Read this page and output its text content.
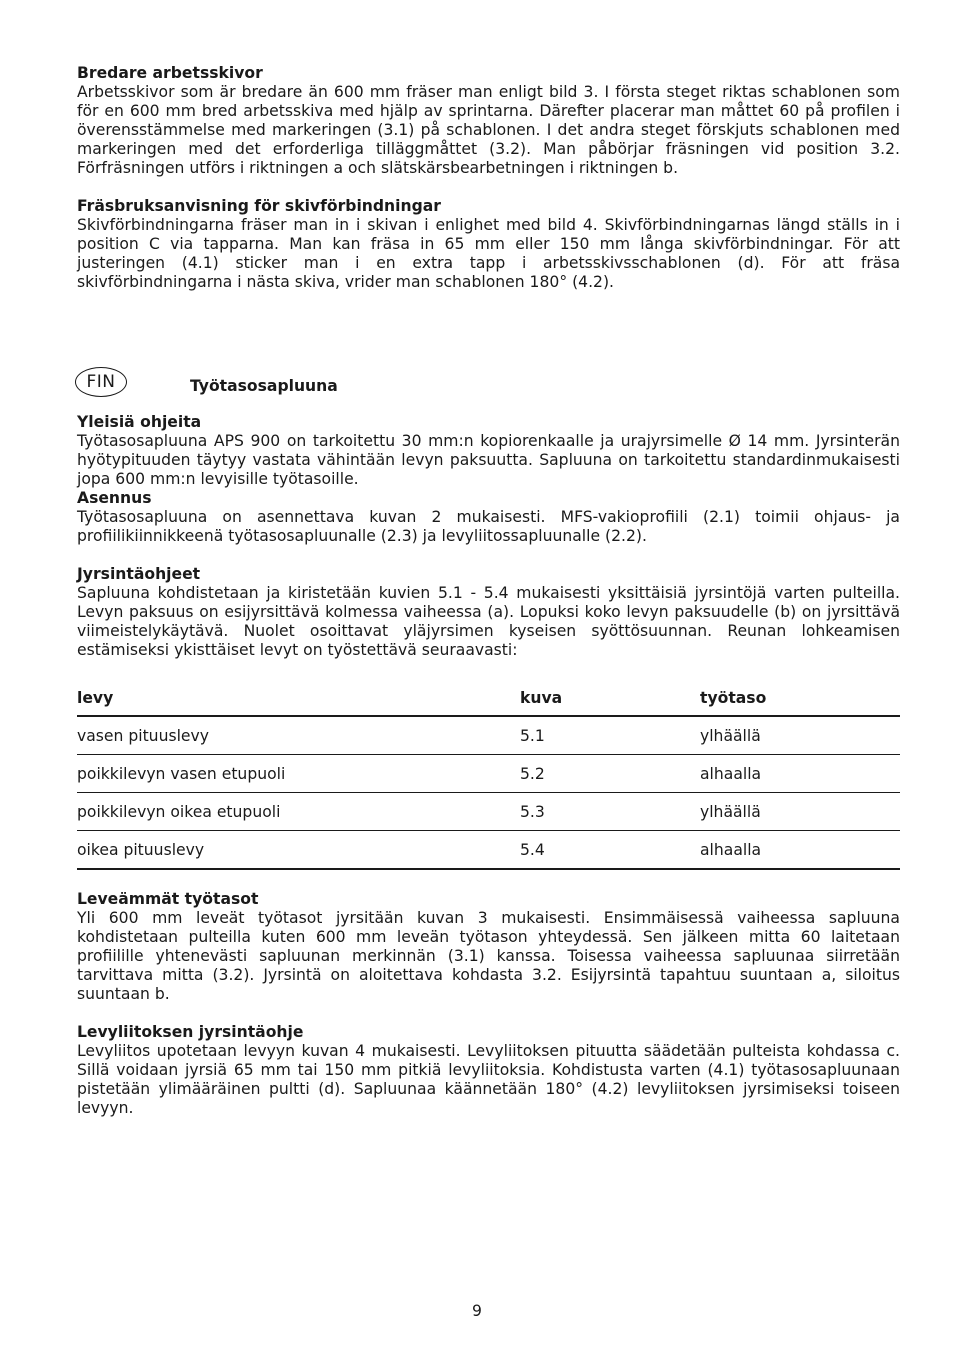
Bredare arbetsskivor

Arbetsskivor som är bredare än 600 mm fräser man enligt bild 3. I första steget riktas schablonen som för en 600 mm bred arbetsskiva med hjälp av sprintarna. Därefter placerar man måttet 60 på profilen i överensstämmelse med markeringen (3.1) på schablonen. I det andra steget förskjuts schablonen med markeringen med det erforderliga tilläggmåttet (3.2). Man påbörjar fräsningen vid position 3.2. Förfräsningen utförs i riktningen a och slätskärsbearbetningen i riktningen b.

Fräsbruksanvisning för skivförbindningar

Skivförbindningarna fräser man in i skivan i enlighet med bild 4. Skivförbindningarnas längd ställs in i position C via tapparna. Man kan fräsa in 65 mm eller 150 mm långa skivförbindningar. För att justeringen (4.1) sticker man i en extra tapp i arbetsskivsschablonen (d). För att fräsa skivförbindningarna i nästa skiva, vrider man schablonen 180° (4.2).

FIN	Työtasosapluuna

Yleisiä ohjeita

Työtasosapluuna APS 900 on tarkoitettu 30 mm:n kopiorenkaalle ja urajyrsimelle Ø 14 mm. Jyrsinterän hyötypituuden täytyy vastata vähintään levyn paksuutta. Sapluuna on tarkoitettu standardinmukaisesti jopa 600 mm:n levyisille työtasoille.

Asennus

Työtasosapluuna on asennettava kuvan 2 mukaisesti. MFS-vakioprofiili (2.1) toimii ohjaus- ja profiilikiinnikkeenä työtasosapluunalle (2.3) ja levyliitossapluunalle (2.2).

Jyrsintäohjeet

Sapluuna kohdistetaan ja kiristetään kuvien 5.1 - 5.4 mukaisesti yksittäisiä jyrsintöjä varten pulteilla. Levyn paksuus on esijyrsittävä kolmessa vaiheessa (a). Lopuksi koko levyn paksuudelle (b) on jyrsittävä viimeistelykäytävä. Nuolet osoittavat yläjyrsimen kyseisen syöttösuunnan. Reunan lohkeamisen estämiseksi ykisttäiset levyt on työstettävä seuraavasti:

levy	kuva	työtaso
vasen pituuslevy	5.1	ylhäällä
poikkilevyn vasen etupuoli	5.2	alhaalla
poikkilevyn oikea etupuoli	5.3	ylhäällä
oikea pituuslevy	5.4	alhaalla

Leveämmät työtasot

Yli 600 mm leveät työtasot jyrsitään kuvan 3 mukaisesti. Ensimmäisessä vaiheessa sapluuna kohdistetaan pulteilla kuten 600 mm leveän työtason yhteydessä. Sen jälkeen mitta 60 laitetaan profiilille yhtenevästi sapluunan merkinnän (3.1) kanssa. Toisessa vaiheessa sapluunaa siirretään tarvittava mitta (3.2). Jyrsintä on aloitettava kohdasta 3.2. Esijyrsintä tapahtuu suuntaan a, siloitus suuntaan b.

Levyliitoksen jyrsintäohje

Levyliitos upotetaan levyyn kuvan 4 mukaisesti. Levyliitoksen pituutta säädetään pulteista kohdassa c. Sillä voidaan jyrsiä 65 mm tai 150 mm pitkiä levyliitoksia. Kohdistusta varten (4.1) työtasosapluunaan pistetään ylimääräinen pultti (d). Sapluunaa käännetään 180° (4.2) levyliitoksen jyrsimiseksi toiseen levyyn.

9
